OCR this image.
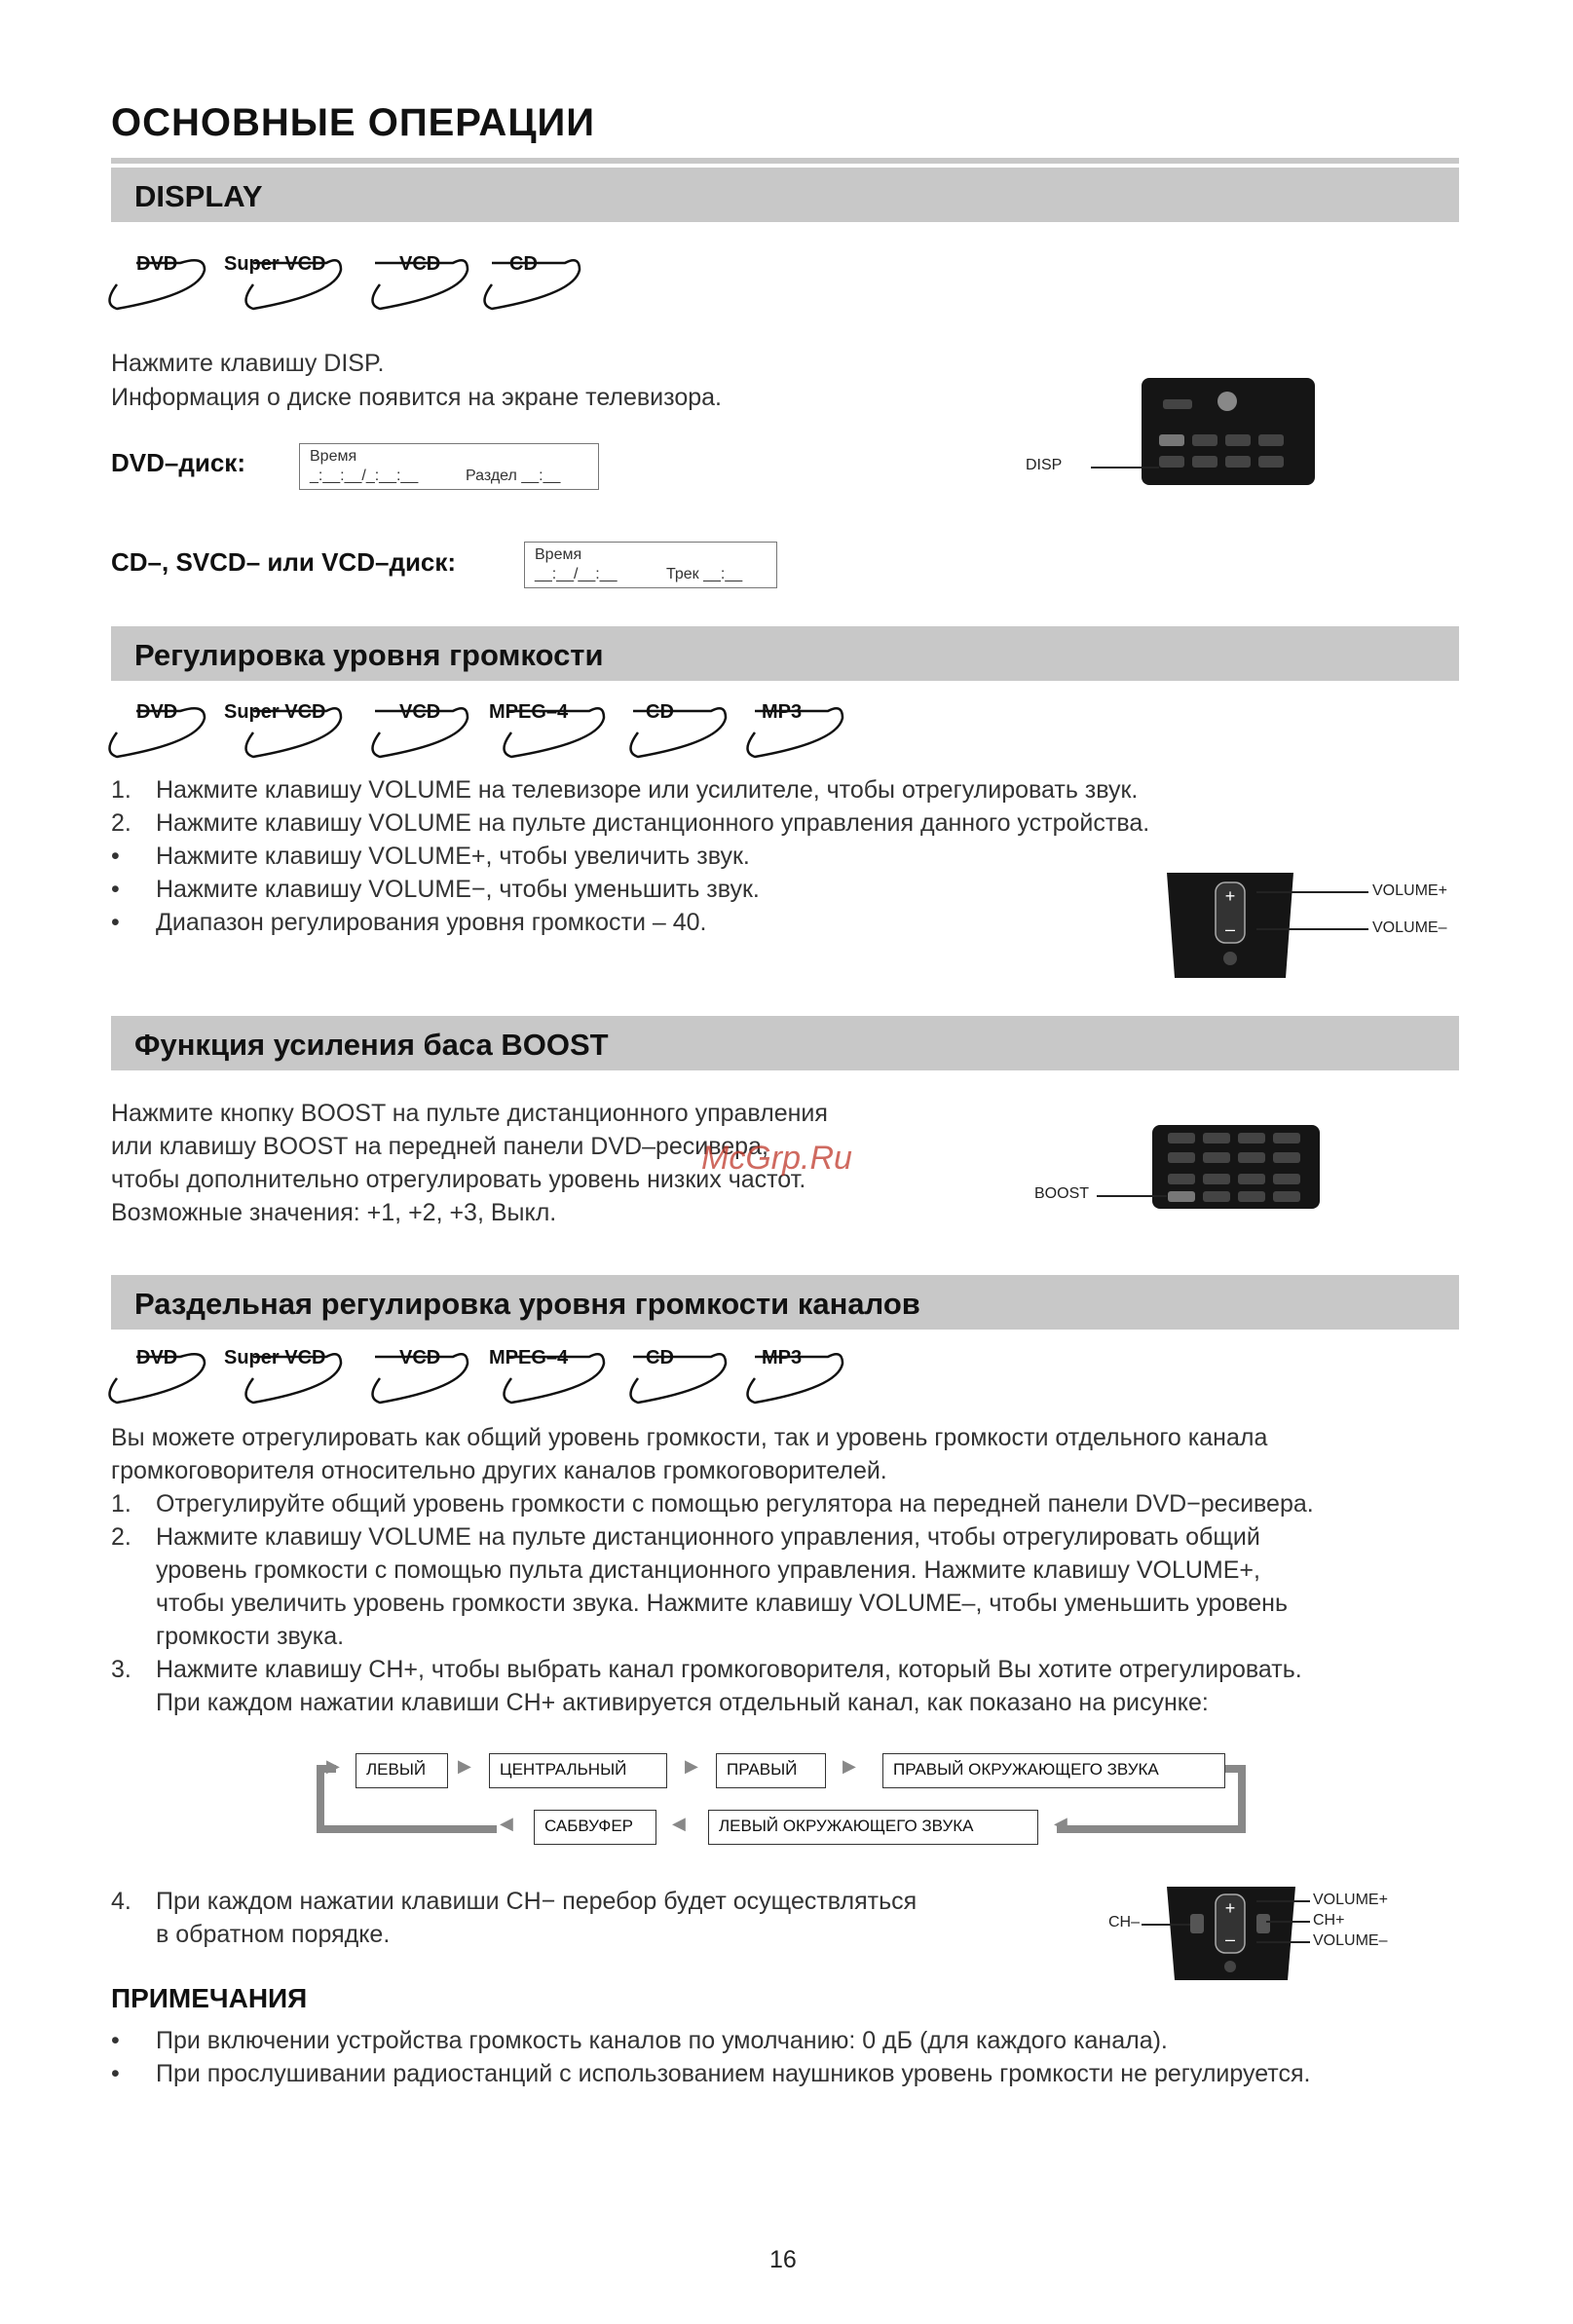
ОСНОВНЫЕ ОПЕРАЦИИ
DISPLAY
DVD Super VCD	VCD	CD
Нажмите клавишу DISP.
Информация о диске появится на экране телевизора.
DVD–диск:	Время
_:__:__/_:__:__	Раздел __:__
CD–, SVCD– или VCD–диск:	Время
__:__/__:__	Трек __:__
DISP
Регулировка уровня громкости
DVD Super VCD	VCD MPEG–4	CD	MP3
1. Нажмите клавишу VOLUME на телевизоре или усилителе, чтобы отрегулировать звук.
2. Нажмите клавишу VOLUME на пульте дистанционного управления данного устройства.
• Нажмите клавишу VOLUME+, чтобы увеличить звук.
• Нажмите клавишу VOLUME−, чтобы уменьшить звук.
• Диапазон регулирования уровня громкости – 40.
+
–
VOLUME+
VOLUME–
Функция усиления баса BOOST
Нажмите кнопку BOOST на пульте дистанционного управления
или клавишу BOOST на передней панели DVD–ресивера,
чтобы дополнительно отрегулировать уровень низких частот.
Возможные значения: +1, +2, +3, Выкл.
McGrp.Ru
BOOST
Раздельная регулировка уровня громкости каналов
DVD Super VCD	VCD MPEG–4	CD	MP3
Вы можете отрегулировать как общий уровень громкости, так и уровень громкости отдельного канала
громкоговорителя относительно других каналов громкоговорителей.
1. Отрегулируйте общий уровень громкости с помощью регулятора на передней панели DVD−ресивера.
2. Нажмите клавишу VOLUME на пульте дистанционного управления, чтобы отрегулировать общий
уровень громкости с помощью пульта дистанционного управления. Нажмите клавишу VOLUME+,
чтобы увеличить уровень громкости звука. Нажмите клавишу VOLUME–, чтобы уменьшить уровень
громкости звука.
3. Нажмите клавишу CH+, чтобы выбрать канал громкоговорителя, который Вы хотите отрегулировать.
При каждом нажатии клавиши CH+ активируется отдельный канал, как показано на рисунке:
▶	ЛЕВЫЙ	▶	ЦЕНТРАЛЬНЫЙ	▶	ПРАВЫЙ	▶	ПРАВЫЙ ОКРУЖАЮЩЕГО ЗВУКА
◀	САБВУФЕР	◀	ЛЕВЫЙ ОКРУЖАЮЩЕГО ЗВУКА	◀
4. При каждом нажатии клавиши CH− перебор будет осуществляться
в обратном порядке.
+
–
CH–
VOLUME+
CH+
VOLUME–
ПРИМЕЧАНИЯ
• При включении устройства громкость каналов по умолчанию: 0 дБ (для каждого канала).
• При прослушивании радиостанций с использованием наушников уровень громкости не регулируется.
16
